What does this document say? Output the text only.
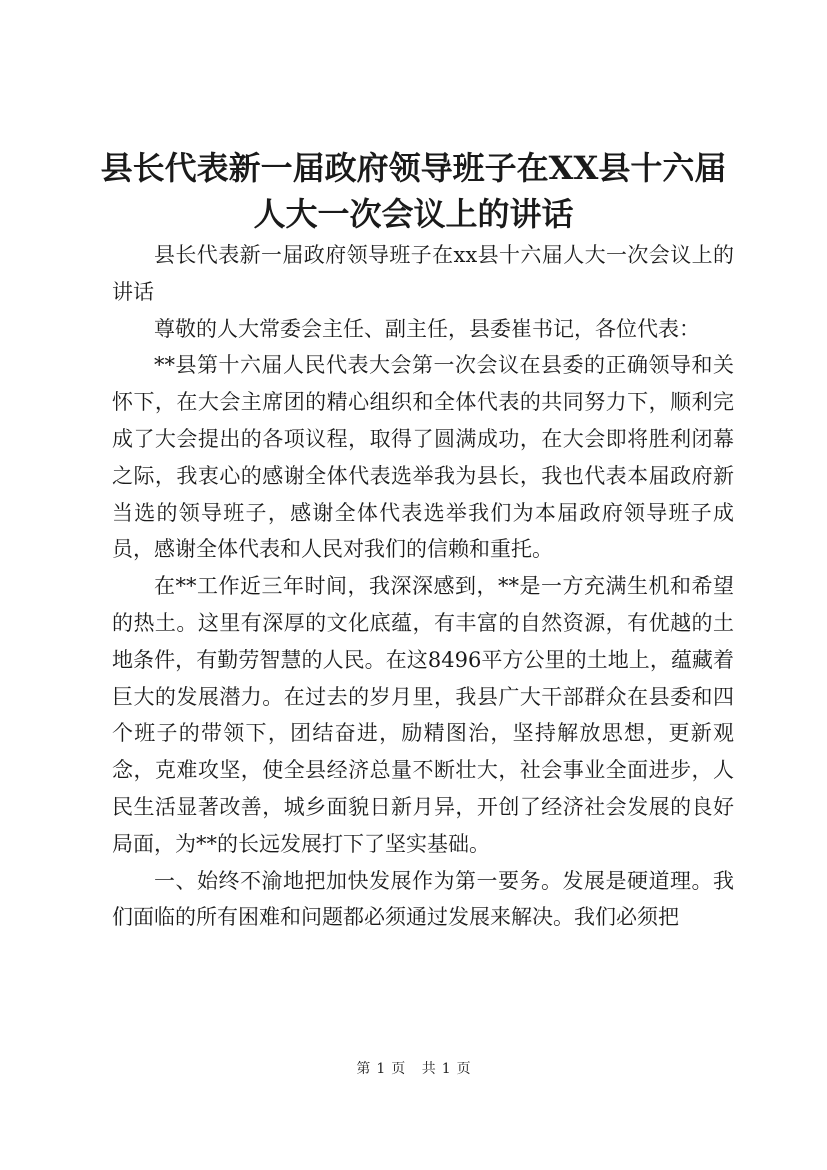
县长代表新一届政府领导班子在XX县十六届
人大一次会议上的讲话

县长代表新一届政府领导班子在xx县十六届人大一次会议上的讲话

尊敬的人大常委会主任、副主任，县委崔书记，各位代表：

**县第十六届人民代表大会第一次会议在县委的正确领导和关怀下，在大会主席团的精心组织和全体代表的共同努力下，顺利完成了大会提出的各项议程，取得了圆满成功，在大会即将胜利闭幕之际，我衷心的感谢全体代表选举我为县长，我也代表本届政府新当选的领导班子，感谢全体代表选举我们为本届政府领导班子成员，感谢全体代表和人民对我们的信赖和重托。

在**工作近三年时间，我深深感到，**是一方充满生机和希望的热土。这里有深厚的文化底蕴，有丰富的自然资源，有优越的土地条件，有勤劳智慧的人民。在这8496平方公里的土地上，蕴藏着巨大的发展潜力。在过去的岁月里，我县广大干部群众在县委和四个班子的带领下，团结奋进，励精图治，坚持解放思想，更新观念，克难攻坚，使全县经济总量不断壮大，社会事业全面进步，人民生活显著改善，城乡面貌日新月异，开创了经济社会发展的良好局面，为**的长远发展打下了坚实基础。

一、始终不渝地把加快发展作为第一要务。发展是硬道理。我们面临的所有困难和问题都必须通过发展来解决。我们必须把

第 1 页 共 1 页
